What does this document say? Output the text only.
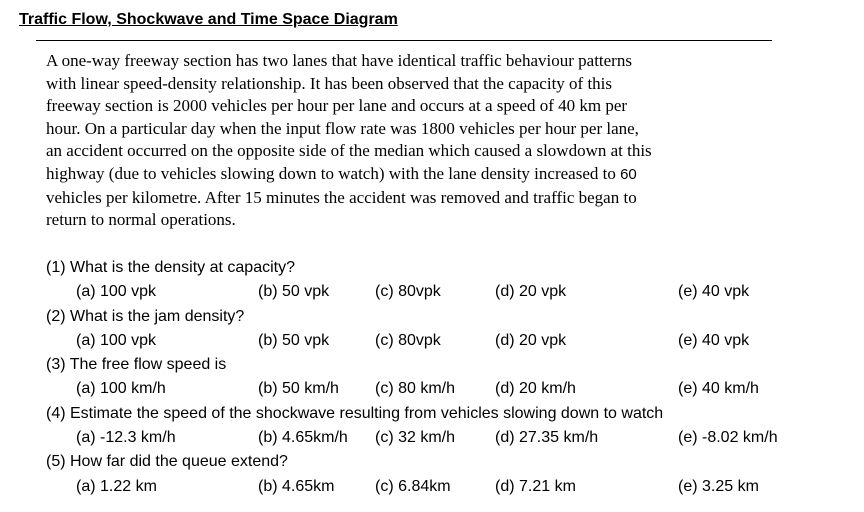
Traffic Flow, Shockwave and Time Space Diagram
A one-way freeway section has two lanes that have identical traffic behaviour patterns
with linear speed-density relationship. It has been observed that the capacity of this
freeway section is 2000 vehicles per hour per lane and occurs at a speed of 40 km per
hour. On a particular day when the input flow rate was 1800 vehicles per hour per lane,
an accident occurred on the opposite side of the median which caused a slowdown at this
highway (due to vehicles slowing down to watch) with the lane density increased to 60
vehicles per kilometre. After 15 minutes the accident was removed and traffic began to
return to normal operations.
(1) What is the density at capacity?
(a) 100 vpk	(b) 50 vpk	(c) 80vpk	(d) 20 vpk	(e) 40 vpk
(2) What is the jam density?
(a) 100 vpk	(b) 50 vpk	(c) 80vpk	(d) 20 vpk	(e) 40 vpk
(3) The free flow speed is
(a) 100 km/h	(b) 50 km/h (c) 80 km/h (d) 20 km/h	(e) 40 km/h
(4) Estimate the speed of the shockwave resulting from vehicles slowing down to watch
(a) -12.3 km/h	(b) 4.65km/h (c) 32 km/h (d) 27.35 km/h	(e) -8.02 km/h
(5) How far did the queue extend?
(a) 1.22 km	(b) 4.65km	(c) 6.84km	(d) 7.21 km	(e) 3.25 km
